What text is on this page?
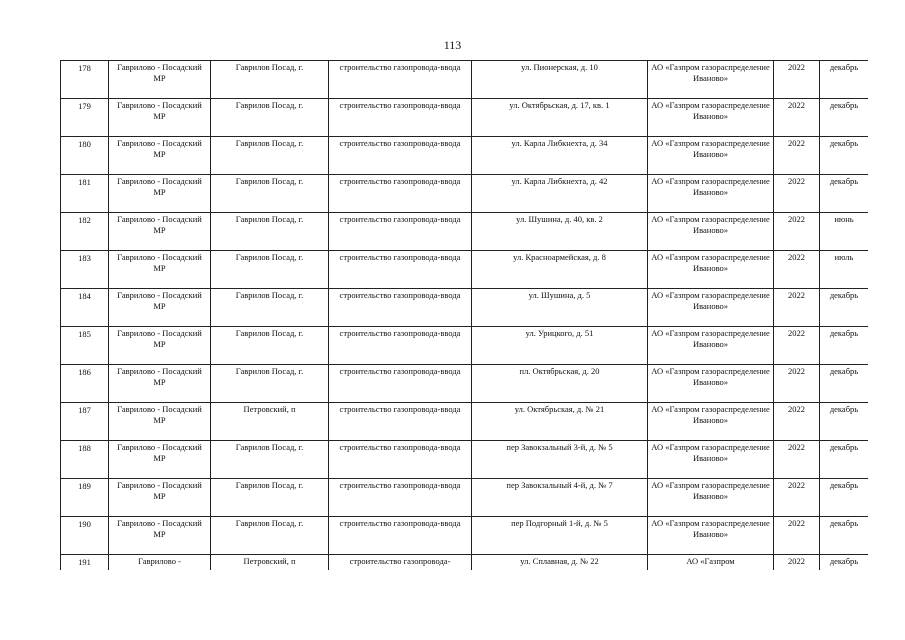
113
178	Гаврилово - Посадский МР	Гаврилов Посад, г.	строительство газопровода-ввода	ул. Пионерская, д. 10	АО «Газпром газораспределение Иваново»	2022	декабрь
179	Гаврилово - Посадский МР	Гаврилов Посад, г.	строительство газопровода-ввода	ул. Октябрьская, д. 17, кв. 1	АО «Газпром газораспределение Иваново»	2022	декабрь
180	Гаврилово - Посадский МР	Гаврилов Посад, г.	строительство газопровода-ввода	ул. Карла Либкнехта, д. 34	АО «Газпром газораспределение Иваново»	2022	декабрь
181	Гаврилово - Посадский МР	Гаврилов Посад, г.	строительство газопровода-ввода	ул. Карла Либкнехта, д. 42	АО «Газпром газораспределение Иваново»	2022	декабрь
182	Гаврилово - Посадский МР	Гаврилов Посад, г.	строительство газопровода-ввода	ул. Шушина, д. 40, кв. 2	АО «Газпром газораспределение Иваново»	2022	июнь
183	Гаврилово - Посадский МР	Гаврилов Посад, г.	строительство газопровода-ввода	ул. Красноармейская, д. 8	АО «Газпром газораспределение Иваново»	2022	июль
184	Гаврилово - Посадский МР	Гаврилов Посад, г.	строительство газопровода-ввода	ул. Шушина, д. 5	АО «Газпром газораспределение Иваново»	2022	декабрь
185	Гаврилово - Посадский МР	Гаврилов Посад, г.	строительство газопровода-ввода	ул. Урицкого, д. 51	АО «Газпром газораспределение Иваново»	2022	декабрь
186	Гаврилово - Посадский МР	Гаврилов Посад, г.	строительство газопровода-ввода	пл. Октябрьская, д. 20	АО «Газпром газораспределение Иваново»	2022	декабрь
187	Гаврилово - Посадский МР	Петровский, п	строительство газопровода-ввода	ул. Октябрьская, д. № 21	АО «Газпром газораспределение Иваново»	2022	декабрь
188	Гаврилово - Посадский МР	Гаврилов Посад, г.	строительство газопровода-ввода	пер Завокзальный 3-й, д. № 5	АО «Газпром газораспределение Иваново»	2022	декабрь
189	Гаврилово - Посадский МР	Гаврилов Посад, г.	строительство газопровода-ввода	пер Завокзальный 4-й, д. № 7	АО «Газпром газораспределение Иваново»	2022	декабрь
190	Гаврилово - Посадский МР	Гаврилов Посад, г.	строительство газопровода-ввода	пер Подгорный 1-й, д. № 5	АО «Газпром газораспределение Иваново»	2022	декабрь
191	Гаврилово -	Петровский, п	строительство газопровода-	ул. Сплавная, д. № 22	АО «Газпром	2022	декабрь
